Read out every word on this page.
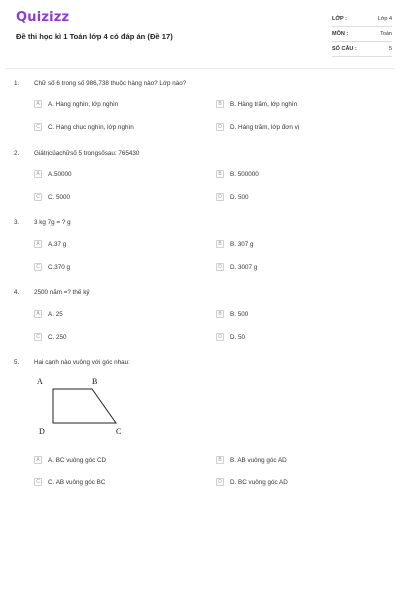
Quizizz
Đề thi học kì 1 Toán lớp 4 có đáp án (Đề 17)
LỚP :	Lớp 4
MÔN :	Toán
SỐ CÂU :	5
1. Chữ số 6 trong số 986,738 thuộc hàng nào? Lớp nào?
A	A. Hàng nghìn, lớp nghìn	B	B. Hàng trăm, lớp nghìn
C	C. Hàng chục nghìn, lớp nghìn	D	D. Hàng trăm, lớp đơn vị
2. Giátrịcủachữsố 5 trongsốsau: 765430
A	A.50000	B	B. 500000
C	C. 5000	D	D. 500
3. 3 kg 7g = ? g
A	A.37 g	B	B. 307 g
C	C.370 g	D	D. 3007 g
4. 2500 năm =? thế kỷ
A	A. 25	B	B. 500
C	C. 250	D	D. 50
5. Hai cạnh nào vuông với góc nhau:
A	B
D	C
A	A. BC vuông góc CD	B	B. AB vuông góc AD
C	C. AB vuông góc BC	D	D. BC vuông góc AD
